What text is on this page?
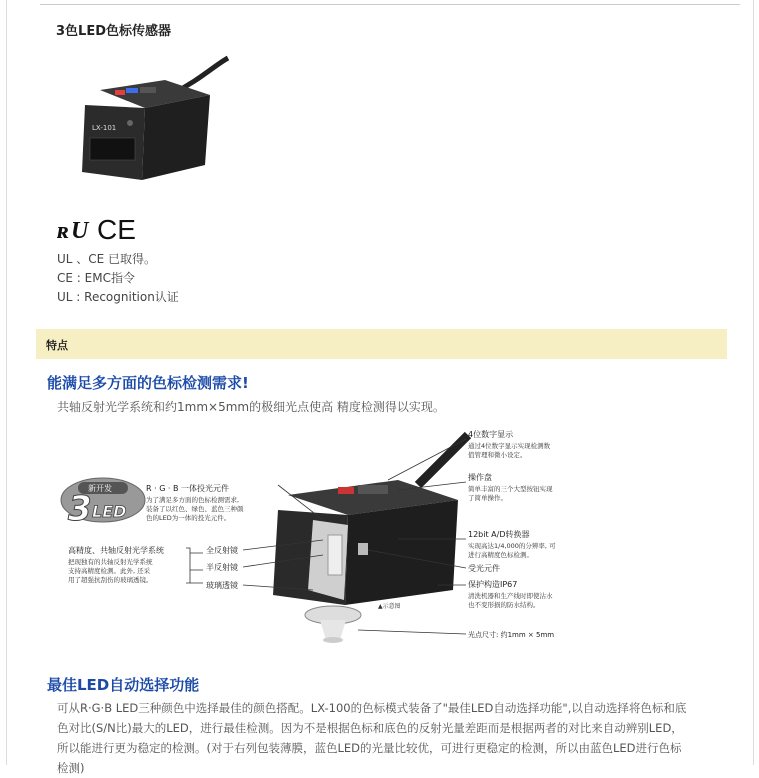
3色LED色标传感器
LX-101
ʀ U CE
UL 、CE 已取得。
CE : EMC指令
UL : Recognition认证
特点
能满足多方面的色标检测需求!
共轴反射光学系统和约1mm×5mm的极细光点使高 精度检测得以实现。
▲示意图
新开发
3 LED
R · G · B 一体投光元件
为了满足多方面的色标检测需求,
装备了以红色、绿色、蓝色三种颜
色的LED为一体的投光元件。
高精度、共轴反射光学系统
把现独有的共轴反射光学系统
支持高精度检测。此外, 还采
用了超强抗刮伤的玻璃透镜。
全反射镜
半反射镜
玻璃透镜
4位数字显示
通过4位数字显示实现检测数
值管理和微小设定。
操作盘
简单丰富的三个大型按钮实现
了简单操作。
12bit A/D转换器
实现高达1/4,000的分辨率, 可
进行高精度色标检测。
受光元件
保护构造IP67
清洗机器和生产线时即使沾水
也不变形损的防水结构。
光点尺寸: 约1mm × 5mm
最佳LED自动选择功能
可从R·G·B LED三种颜色中选择最佳的颜色搭配。LX-100的色标模式装备了"最佳LED自动选择功能",以自动选择将色标和底
色对比(S/N比)最大的LED，进行最佳检测。因为不是根据色标和底色的反射光量差距而是根据两者的对比来自动辨别LED，
所以能进行更为稳定的检测。(对于右列包装薄膜，蓝色LED的光量比较优，可进行更稳定的检测，所以由蓝色LED进行色标
检测)
